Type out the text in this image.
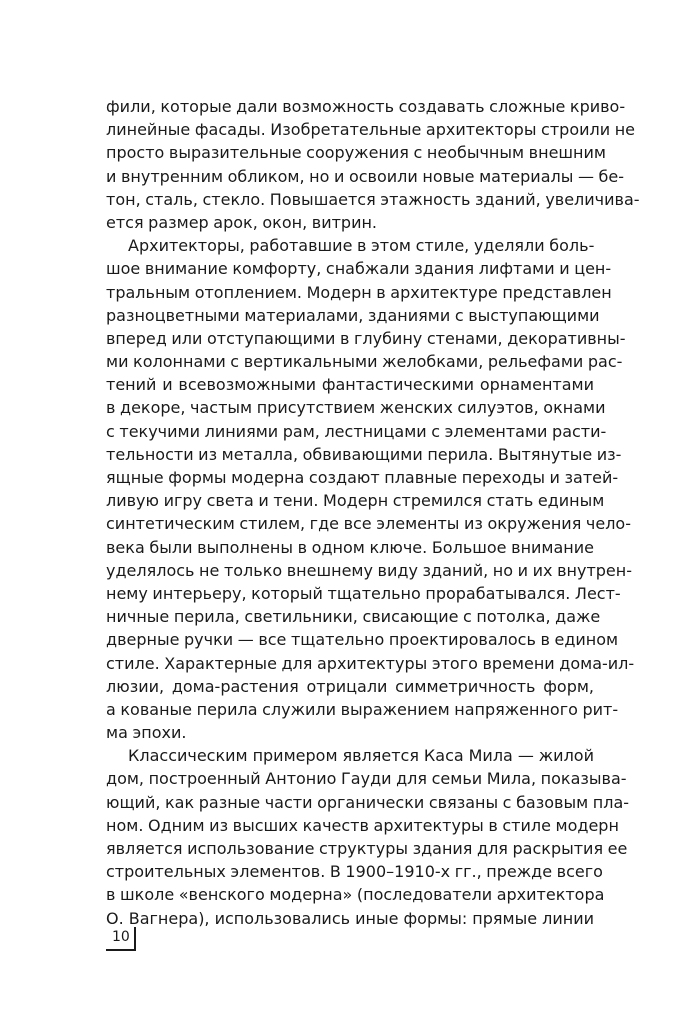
фили, которые дали возможность создавать сложные криво-
линейные фасады. Изобретательные архитекторы строили не
просто выразительные сооружения с необычным внешним
и внутренним обликом, но и освоили новые материалы — бе-
тон, сталь, стекло. Повышается этажность зданий, увеличива-
ется размер арок, окон, витрин.
Архитекторы, работавшие в этом стиле, уделяли боль-
шое внимание комфорту, снабжали здания лифтами и цен-
тральным отоплением. Модерн в архитектуре представлен
разноцветными материалами, зданиями с выступающими
вперед или отступающими в глубину стенами, декоративны-
ми колоннами с вертикальными желобками, рельефами рас-
тений и всевозможными фантастическими орнаментами
в декоре, частым присутствием женских силуэтов, окнами
с текучими линиями рам, лестницами с элементами расти-
тельности из металла, обвивающими перила. Вытянутые из-
ящные формы модерна создают плавные переходы и затей-
ливую игру света и тени. Модерн стремился стать единым
синтетическим стилем, где все элементы из окружения чело-
века были выполнены в одном ключе. Большое внимание
уделялось не только внешнему виду зданий, но и их внутрен-
нему интерьеру, который тщательно прорабатывался. Лест-
ничные перила, светильники, свисающие с потолка, даже
дверные ручки — все тщательно проектировалось в едином
стиле. Характерные для архитектуры этого времени дома-ил-
люзии, дома-растения отрицали симметричность форм,
а кованые перила служили выражением напряженного рит-
ма эпохи.
Классическим примером является Каса Мила — жилой
дом, построенный Антонио Гауди для семьи Мила, показыва-
ющий, как разные части органически связаны с базовым пла-
ном. Одним из высших качеств архитектуры в стиле модерн
является использование структуры здания для раскрытия ее
строительных элементов. В 1900–1910-х гг., прежде всего
в школе «венского модерна» (последователи архитектора
О. Вагнера), использовались иные формы: прямые линии
10
